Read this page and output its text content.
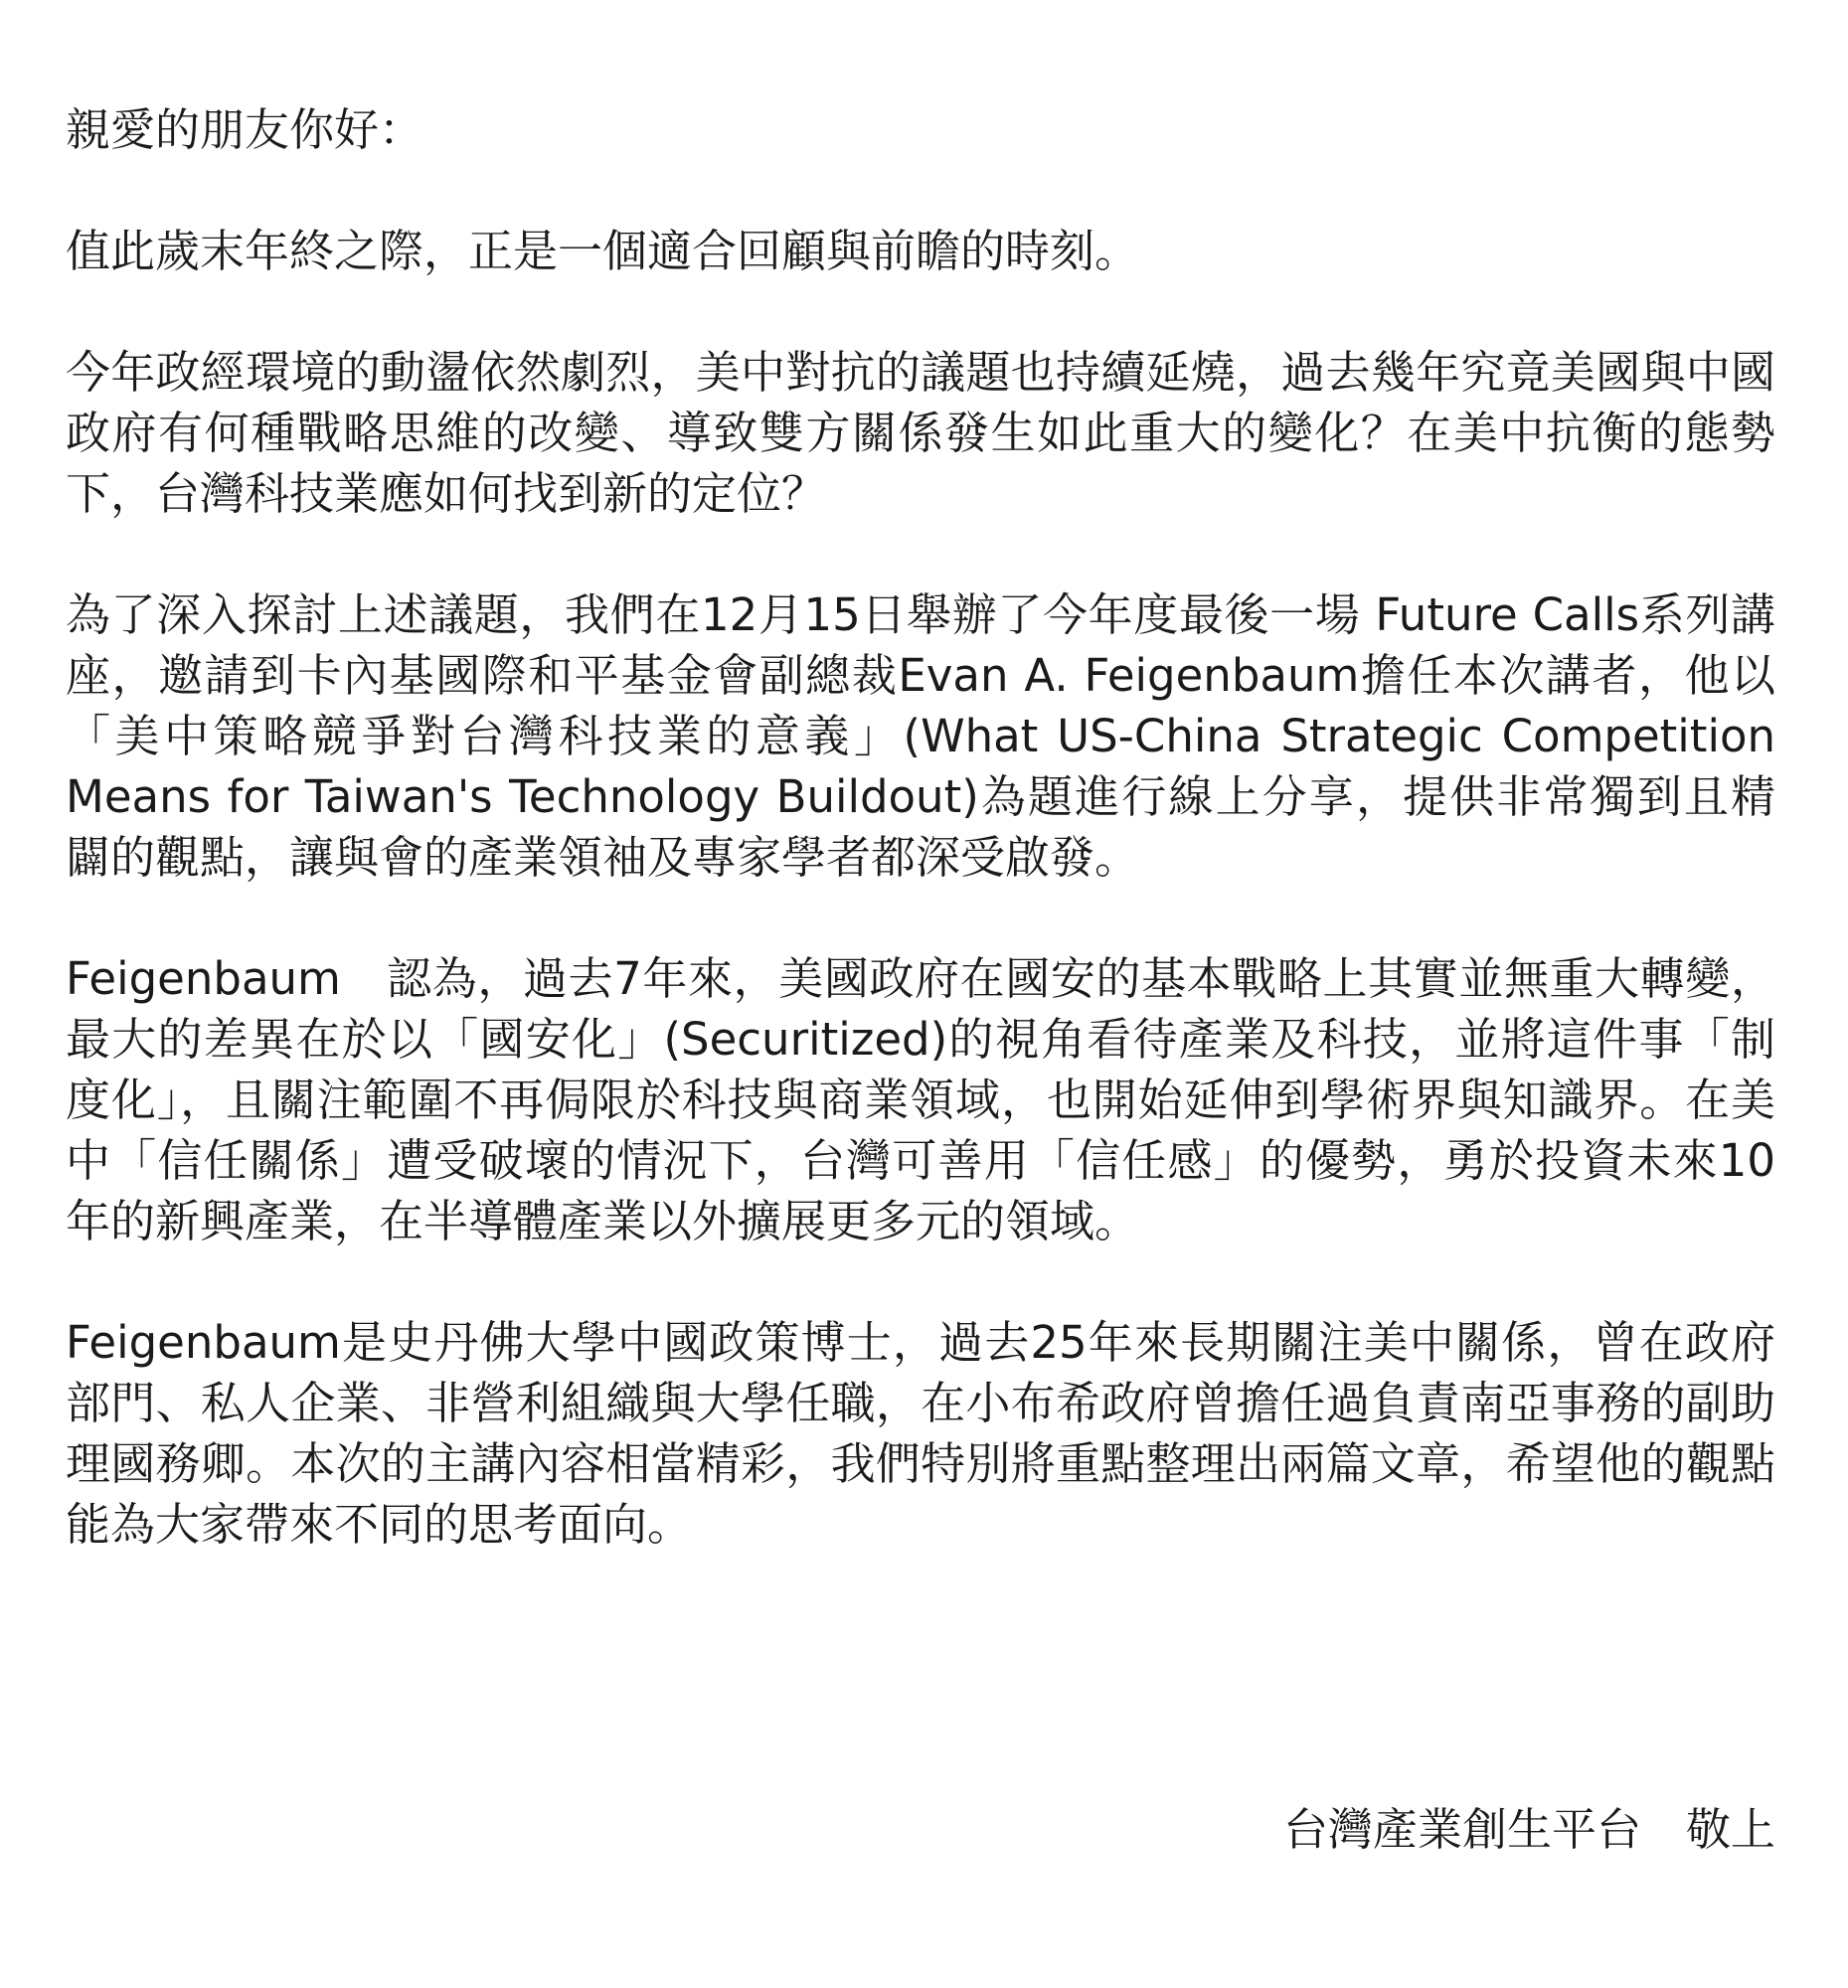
親愛的朋友你好：

值此歲末年終之際，正是一個適合回顧與前瞻的時刻。

今年政經環境的動盪依然劇烈，美中對抗的議題也持續延燒，過去幾年究竟美國與中國政府有何種戰略思維的改變、導致雙方關係發生如此重大的變化？在美中抗衡的態勢下，台灣科技業應如何找到新的定位？

為了深入探討上述議題，我們在12月15日舉辦了今年度最後一場 Future Calls系列講座，邀請到卡內基國際和平基金會副總裁Evan A. Feigenbaum擔任本次講者，他以「美中策略競爭對台灣科技業的意義」(What US-China Strategic Competition Means for Taiwan's Technology Buildout)為題進行線上分享，提供非常獨到且精闢的觀點，讓與會的產業領袖及專家學者都深受啟發。

Feigenbaum　認為，過去7年來，美國政府在國安的基本戰略上其實並無重大轉變，最大的差異在於以「國安化」(Securitized)的視角看待產業及科技，並將這件事「制度化」，且關注範圍不再侷限於科技與商業領域，也開始延伸到學術界與知識界。在美中「信任關係」遭受破壞的情況下，台灣可善用「信任感」的優勢，勇於投資未來10年的新興產業，在半導體產業以外擴展更多元的領域。

Feigenbaum是史丹佛大學中國政策博士，過去25年來長期關注美中關係，曾在政府部門、私人企業、非營利組織與大學任職，在小布希政府曾擔任過負責南亞事務的副助理國務卿。本次的主講內容相當精彩，我們特別將重點整理出兩篇文章，希望他的觀點能為大家帶來不同的思考面向。

台灣產業創生平台　敬上
